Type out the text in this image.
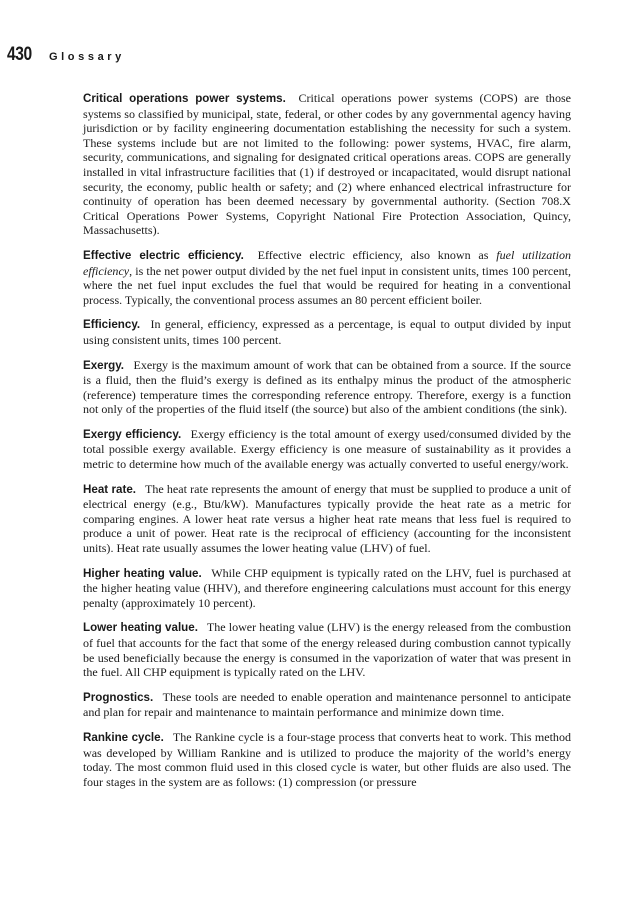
430 Glossary

Critical operations power systems. Critical operations power systems (COPS) are those systems so classified by municipal, state, federal, or other codes by any governmental agency having jurisdiction or by facility engineering documentation establishing the necessity for such a system. These systems include but are not limited to the following: power systems, HVAC, fire alarm, security, communications, and signaling for designated critical operations areas. COPS are generally installed in vital infrastructure facilities that (1) if destroyed or incapacitated, would disrupt national security, the economy, public health or safety; and (2) where enhanced electrical infrastructure for continuity of operation has been deemed necessary by governmental authority. (Section 708.X Critical Operations Power Systems, Copyright National Fire Protection Association, Quincy, Massachusetts).

Effective electric efficiency. Effective electric efficiency, also known as fuel utilization efficiency, is the net power output divided by the net fuel input in consistent units, times 100 percent, where the net fuel input excludes the fuel that would be required for heating in a conventional process. Typically, the conventional process assumes an 80 percent efficient boiler.

Efficiency. In general, efficiency, expressed as a percentage, is equal to output divided by input using consistent units, times 100 percent.

Exergy. Exergy is the maximum amount of work that can be obtained from a source. If the source is a fluid, then the fluid’s exergy is defined as its enthalpy minus the product of the atmospheric (reference) temperature times the corresponding reference entropy. Therefore, exergy is a function not only of the properties of the fluid itself (the source) but also of the ambient conditions (the sink).

Exergy efficiency. Exergy efficiency is the total amount of exergy used/consumed divided by the total possible exergy available. Exergy efficiency is one measure of sustainability as it provides a metric to determine how much of the available energy was actually converted to useful energy/work.

Heat rate. The heat rate represents the amount of energy that must be supplied to produce a unit of electrical energy (e.g., Btu/kW). Manufactures typically provide the heat rate as a metric for comparing engines. A lower heat rate versus a higher heat rate means that less fuel is required to produce a unit of power. Heat rate is the reciprocal of efficiency (accounting for the inconsistent units). Heat rate usually assumes the lower heating value (LHV) of fuel.

Higher heating value. While CHP equipment is typically rated on the LHV, fuel is purchased at the higher heating value (HHV), and therefore engineering calculations must account for this energy penalty (approximately 10 percent).

Lower heating value. The lower heating value (LHV) is the energy released from the combustion of fuel that accounts for the fact that some of the energy released during combustion cannot typically be used beneficially because the energy is consumed in the vaporization of water that was present in the fuel. All CHP equipment is typically rated on the LHV.

Prognostics. These tools are needed to enable operation and maintenance personnel to anticipate and plan for repair and maintenance to maintain performance and minimize down time.

Rankine cycle. The Rankine cycle is a four-stage process that converts heat to work. This method was developed by William Rankine and is utilized to produce the majority of the world’s energy today. The most common fluid used in this closed cycle is water, but other fluids are also used. The four stages in the system are as follows: (1) compression (or pressure
